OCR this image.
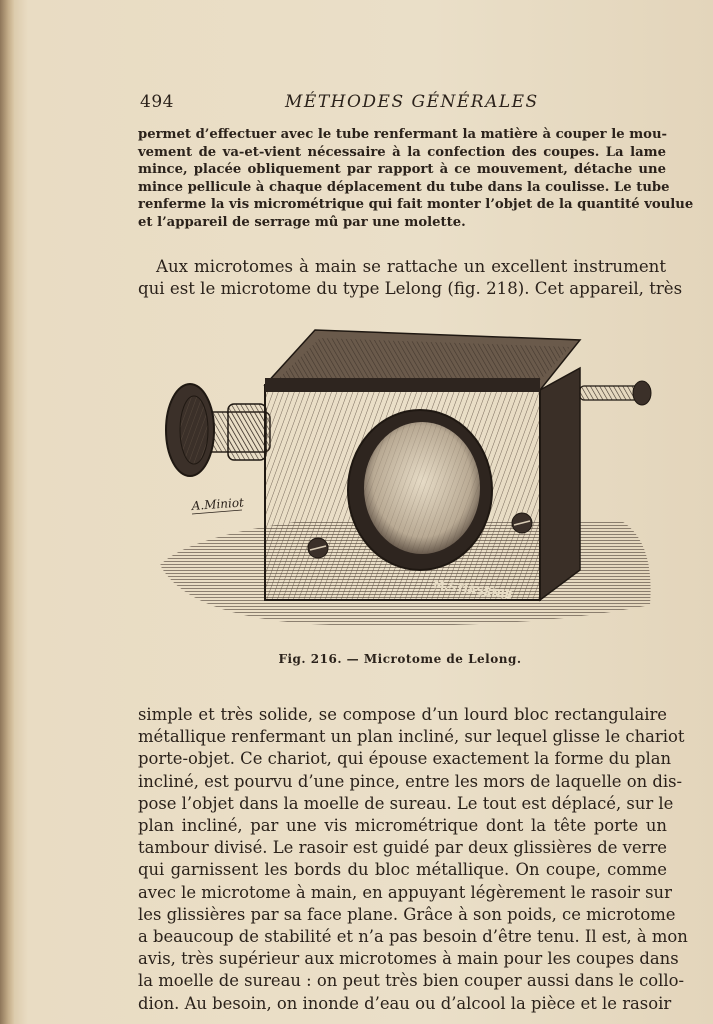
494	MÉTHODES GÉNÉRALES
permet d’effectuer avec le tube renfermant la matière à couper le mou-
vement de va-et-vient nécessaire à la confection des coupes. La lame
mince, placée obliquement par rapport à ce mouvement, détache une
mince pellicule à chaque déplacement du tube dans la coulisse. Le tube
renferme la vis micrométrique qui fait monter l’objet de la quantité voulue
et l’appareil de serrage mû par une molette.
Aux microtomes à main se rattache un excellent instrument
qui est le microtome du type Lelong (fig. 218). Cet appareil, très
A.Miniot
M.STIASSNIE
Fig. 216. — Microtome de Lelong.
simple et très solide, se compose d’un lourd bloc rectangulaire
métallique renfermant un plan incliné, sur lequel glisse le chariot
porte-objet. Ce chariot, qui épouse exactement la forme du plan
incliné, est pourvu d’une pince, entre les mors de laquelle on dis-
pose l’objet dans la moelle de sureau. Le tout est déplacé, sur le
plan incliné, par une vis micrométrique dont la tête porte un
tambour divisé. Le rasoir est guidé par deux glissières de verre
qui garnissent les bords du bloc métallique. On coupe, comme
avec le microtome à main, en appuyant légèrement le rasoir sur
les glissières par sa face plane. Grâce à son poids, ce microtome
a beaucoup de stabilité et n’a pas besoin d’être tenu. Il est, à mon
avis, très supérieur aux microtomes à main pour les coupes dans
la moelle de sureau : on peut très bien couper aussi dans le collo-
dion. Au besoin, on inonde d’eau ou d’alcool la pièce et le rasoir
